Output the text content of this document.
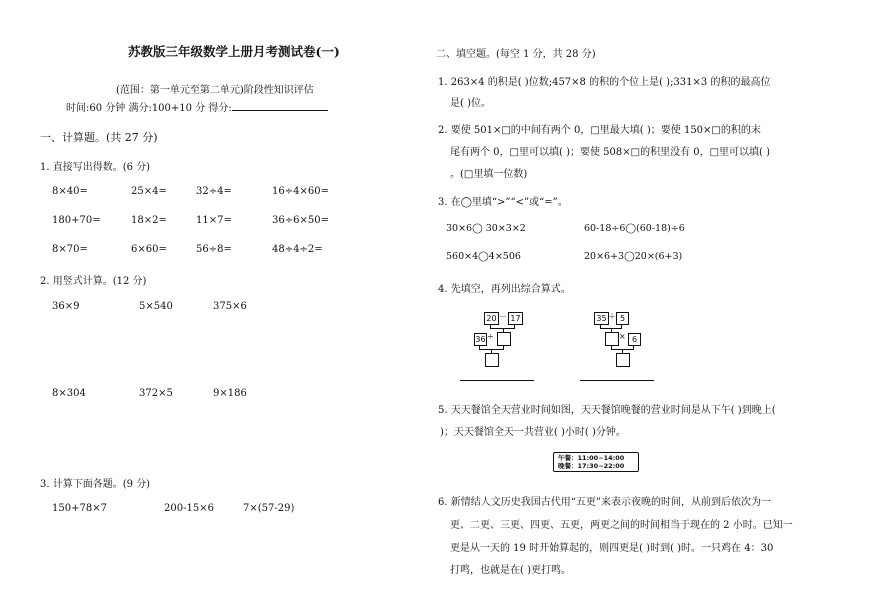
苏教版三年级数学上册月考测试卷(一)
(范围：第一单元至第二单元)阶段性知识评估
时间:60 分钟 满分:100+10 分 得分:
一、计算题。(共 27 分)
1. 直接写出得数。(6 分)
8×40=	25×4=	32÷4=	16÷4×60=
180+70=	18×2=	11×7=	36÷6×50=
8×70=	6×60=	56÷8=	48÷4÷2=
2. 用竖式计算。(12 分)
36×9	5×540	375×6
8×304	372×5	9×186
3. 计算下面各题。(9 分)
150+78×7	200-15×6	7×(57-29)
二、填空题。(每空 1 分，共 28 分)
1. 263×4 的积是( )位数;457×8 的积的个位上是( );331×3 的积的最高位
是( )位。
2. 要使 501×□的中间有两个 0，□里最大填( )；要使 150×□的积的末
尾有两个 0，□里可以填( )；要使 508×□的积里没有 0，□里可以填( )
。(□里填一位数)
3. 在◯里填“>”“<”或“=”。
30×6◯ 30×3×2	60-18÷6◯(60-18)÷6
560×4◯4×506	20×6+3◯20×(6+3)
4. 先填空，再列出综合算式。
20 － 17
36 ÷
35 ＋ 5
× 6
5. 天天餐馆全天营业时间如图，天天餐馆晚餐的营业时间是从下午( )到晚上(
)；天天餐馆全天一共营业( )小时( )分钟。
午餐：11:00~14:00
晚餐：17:30~22:00
6. 新情结人文历史我国古代用“五更”来表示夜晚的时间，从前到后依次为一
更、二更、三更、四更、五更，两更之间的时间相当于现在的 2 小时。已知一
更是从一天的 19 时开始算起的，则四更是( )时到( )时。一只鸡在 4：30
打鸣，也就是在( )更打鸣。
